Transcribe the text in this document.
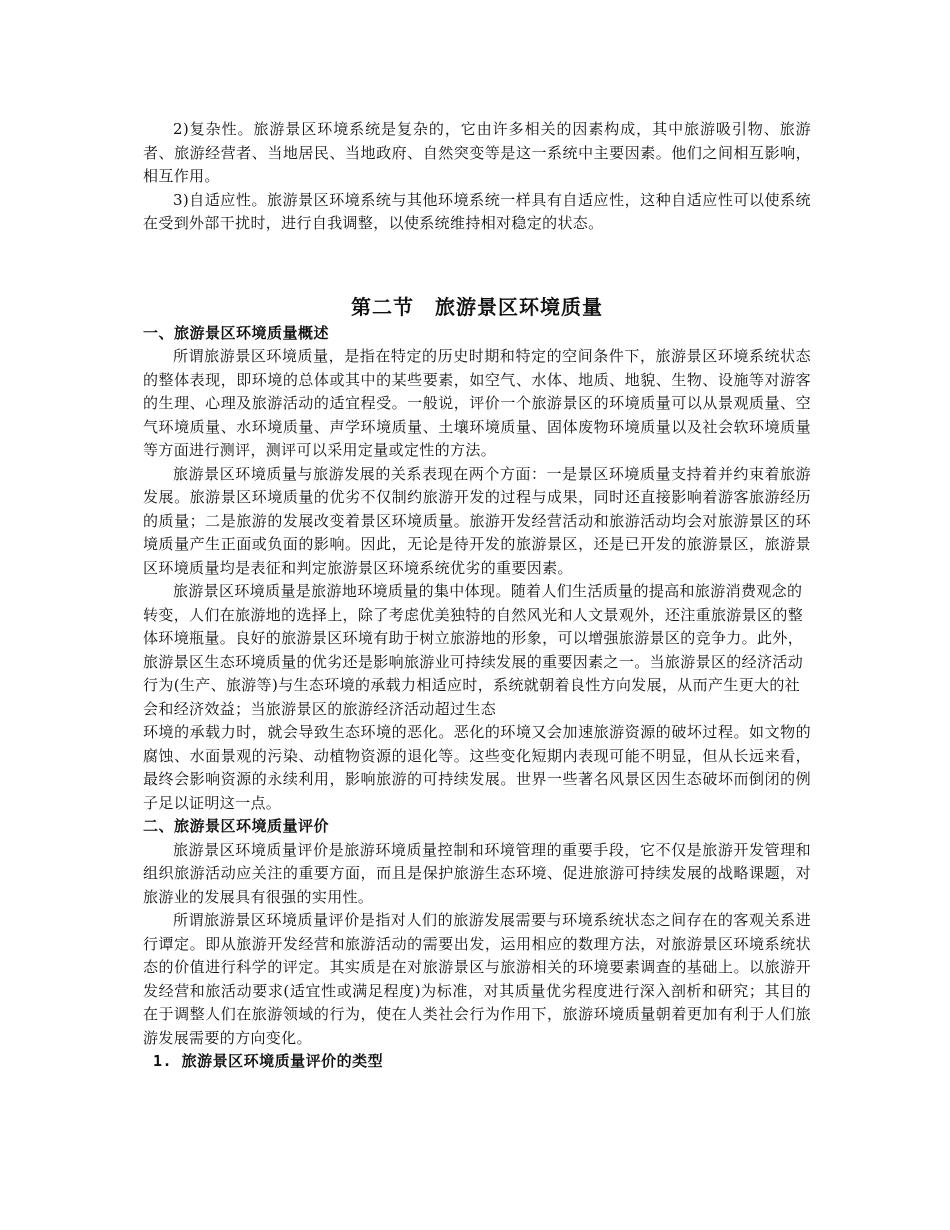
2)复杂性。旅游景区环境系统是复杂的，它由许多相关的因素构成，其中旅游吸引物、旅游者、旅游经营者、当地居民、当地政府、自然突变等是这一系统中主要因素。他们之间相互影响，相互作用。

3)自适应性。旅游景区环境系统与其他环境系统一样具有自适应性，这种自适应性可以使系统在受到外部干扰时，进行自我调整，以使系统维持相对稳定的状态。

第二节　旅游景区环境质量
一、旅游景区环境质量概述

所谓旅游景区环境质量，是指在特定的历史时期和特定的空间条件下，旅游景区环境系统状态的整体表现，即环境的总体或其中的某些要素，如空气、水体、地质、地貌、生物、设施等对游客的生理、心理及旅游活动的适宜程受。一般说，评价一个旅游景区的环境质量可以从景观质量、空气环境质量、水环境质量、声学环境质量、土壤环境质量、固体废物环境质量以及社会软环境质量等方面进行测评，测评可以采用定量或定性的方法。

旅游景区环境质量与旅游发展的关系表现在两个方面：一是景区环境质量支持着并约束着旅游发展。旅游景区环境质量的优劣不仅制约旅游开发的过程与成果，同时还直接影响着游客旅游经历的质量；二是旅游的发展改变着景区环境质量。旅游开发经营活动和旅游活动均会对旅游景区的环境质量产生正面或负面的影响。因此，无论是待开发的旅游景区，还是已开发的旅游景区，旅游景区环境质量均是表征和判定旅游景区环境系统优劣的重要因素。

旅游景区环境质量是旅游地环境质量的集中体现。随着人们生活质量的提高和旅游消费观念的转变，人们在旅游地的选择上，除了考虑优美独特的自然风光和人文景观外，还注重旅游景区的整体环境瓶量。良好的旅游景区环境有助于树立旅游地的形象，可以增强旅游景区的竞争力。此外，旅游景区生态环境质量的优劣还是影响旅游业可持续发展的重要因素之一。当旅游景区的经济活动行为(生产、旅游等)与生态环境的承载力相适应时，系统就朝着良性方向发展，从而产生更大的社会和经济效益；当旅游景区的旅游经济活动超过生态

环境的承载力时，就会导致生态环境的恶化。恶化的环境又会加速旅游资源的破坏过程。如文物的腐蚀、水面景观的污染、动植物资源的退化等。这些变化短期内表现可能不明显，但从长远来看，最终会影响资源的永续利用，影响旅游的可持续发展。世界一些著名风景区因生态破坏而倒闭的例子足以证明这一点。

二、旅游景区环境质量评价

旅游景区环境质量评价是旅游环境质量控制和环境管理的重要手段，它不仅是旅游开发管理和组织旅游活动应关注的重要方面，而且是保护旅游生态环境、促进旅游可持续发展的战略课题，对旅游业的发展具有很强的实用性。

所谓旅游景区环境质量评价是指对人们的旅游发展需要与环境系统状态之间存在的客观关系进行谭定。即从旅游开发经营和旅游活动的需要出发，运用相应的数理方法，对旅游景区环境系统状态的价值进行科学的评定。其实质是在对旅游景区与旅游相关的环境要素调查的基础上。以旅游开发经营和旅活动要求(适宜性或满足程度)为标准，对其质量优劣程度进行深入剖析和研究；其目的在于调整人们在旅游领域的行为，使在人类社会行为作用下，旅游环境质量朝着更加有利于人们旅游发展需要的方向变化。

1. 旅游景区环境质量评价的类型
